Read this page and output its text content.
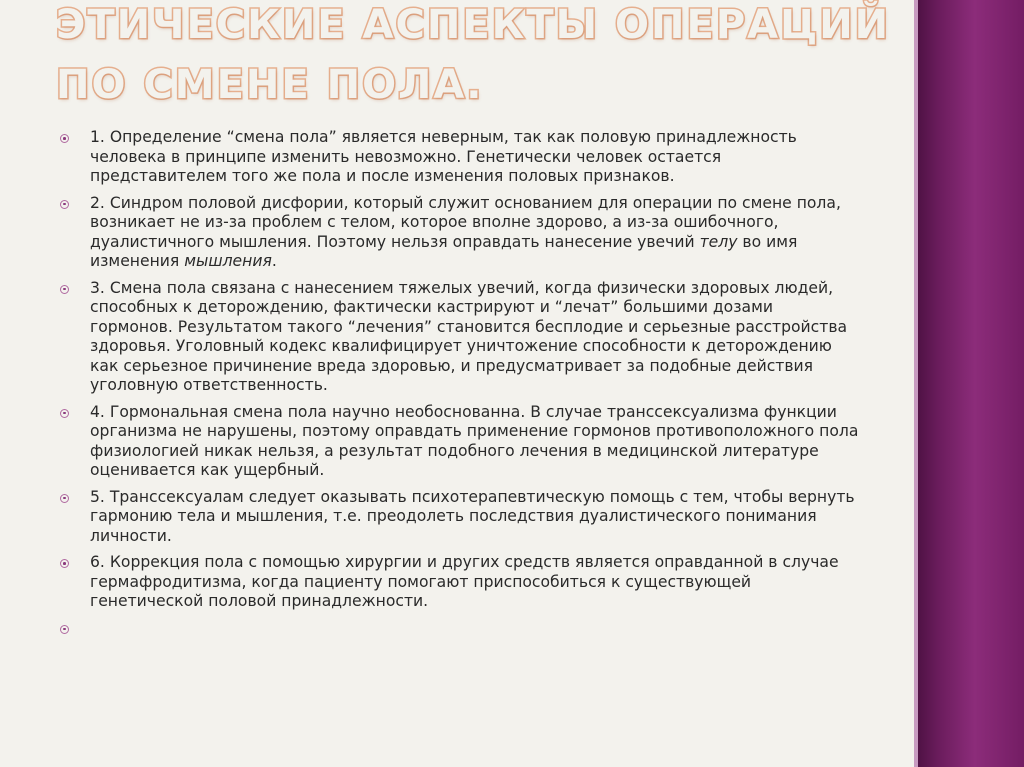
ЭТИЧЕСКИЕ АСПЕКТЫ ОПЕРАЦИЙ
ПО СМЕНЕ ПОЛА.
1. Определение “смена пола” является неверным, так как половую принадлежность человека в принципе изменить невозможно. Генетически человек остается представителем того же пола и после изменения половых признаков.
2. Синдром половой дисфории, который служит основанием для операции по смене пола, возникает не из-за проблем с телом, которое вполне здорово, а из-за ошибочного, дуалистичного мышления. Поэтому нельзя оправдать нанесение увечий телу во имя изменения мышления.
3. Смена пола связана с нанесением тяжелых увечий, когда физически здоровых людей, способных к деторождению, фактически кастрируют и “лечат” большими дозами гормонов. Результатом такого “лечения” становится бесплодие и серьезные расстройства здоровья. Уголовный кодекс квалифицирует уничтожение способности к деторождению как серьезное причинение вреда здоровью, и предусматривает за подобные действия уголовную ответственность.
4. Гормональная смена пола научно необоснованна. В случае транссексуализма функции организма не нарушены, поэтому оправдать применение гормонов противоположного пола физиологией никак нельзя, а результат подобного лечения в медицинской литературе оценивается как ущербный.
5. Транссексуалам следует оказывать психотерапевтическую помощь с тем, чтобы вернуть гармонию тела и мышления, т.е. преодолеть последствия дуалистического понимания личности.
6. Коррекция пола с помощью хирургии и других средств является оправданной в случае гермафродитизма, когда пациенту помогают приспособиться к существующей генетической половой принадлежности.
